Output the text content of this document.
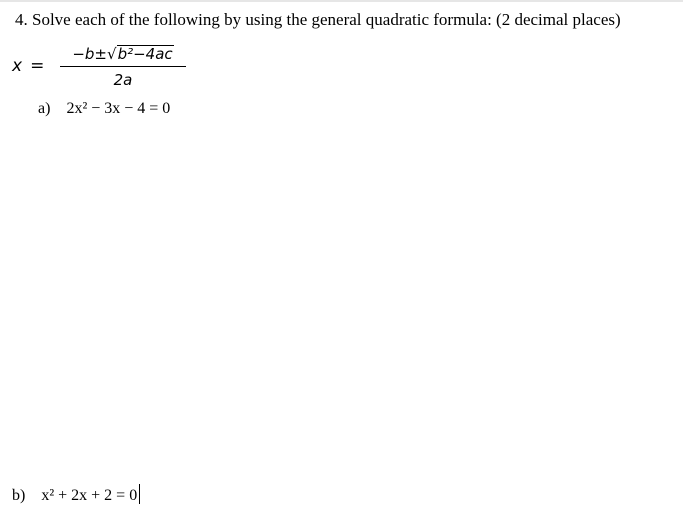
4. Solve each of the following by using the general quadratic formula: (2 decimal places)
x =
−b±√b²−4ac
2a
a) 2x² − 3x − 4 = 0
b) x² + 2x + 2 = 0
